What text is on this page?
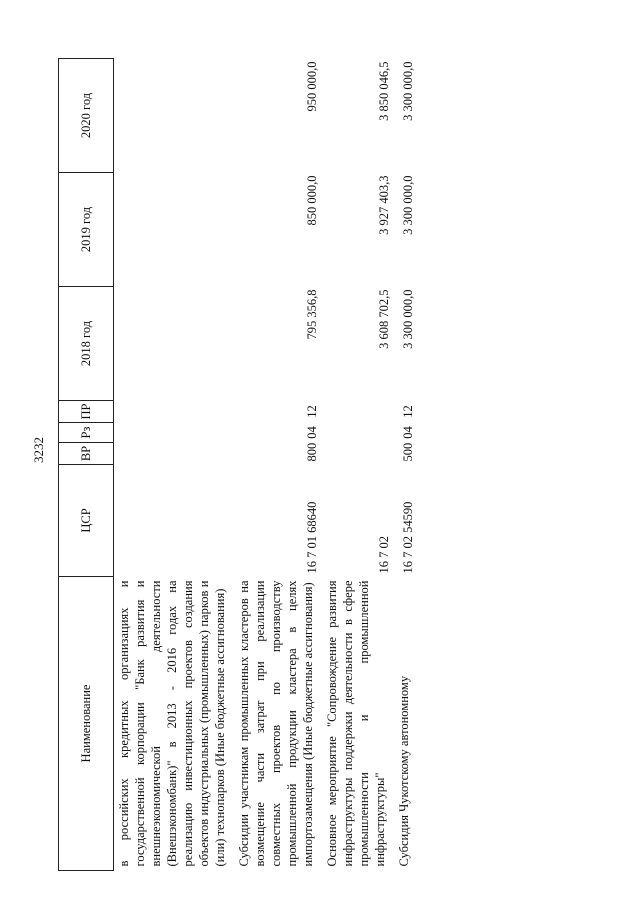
3232
Наименование	ЦСР	ВР	Рз	ПР	2018 год	2019 год	2020 год
в российских кредитных организациях и государственной корпорации "Банк развития и внешнеэкономической деятельности (Внешэкономбанк)" в 2013 - 2016 годах на реализацию инвестиционных проектов создания объектов индустриальных (промышленных) парков и (или) технопарков (Иные бюджетные ассигнования)							
Субсидии участникам промышленных кластеров на возмещение части затрат при реализации совместных проектов по производству промышленной продукции кластера в целях импортозамещения (Иные бюджетные ассигнования)	16 7 01 68640	800	04	12	795 356,8	850 000,0	950 000,0
Основное мероприятие "Сопровождение развития инфраструктуры поддержки деятельности в сфере промышленности и промышленной инфраструктуры"	16 7 02				3 608 702,5	3 927 403,3	3 850 046,5
Субсидия Чукотскому автономному	16 7 02 54590	500	04	12	3 300 000,0	3 300 000,0	3 300 000,0
